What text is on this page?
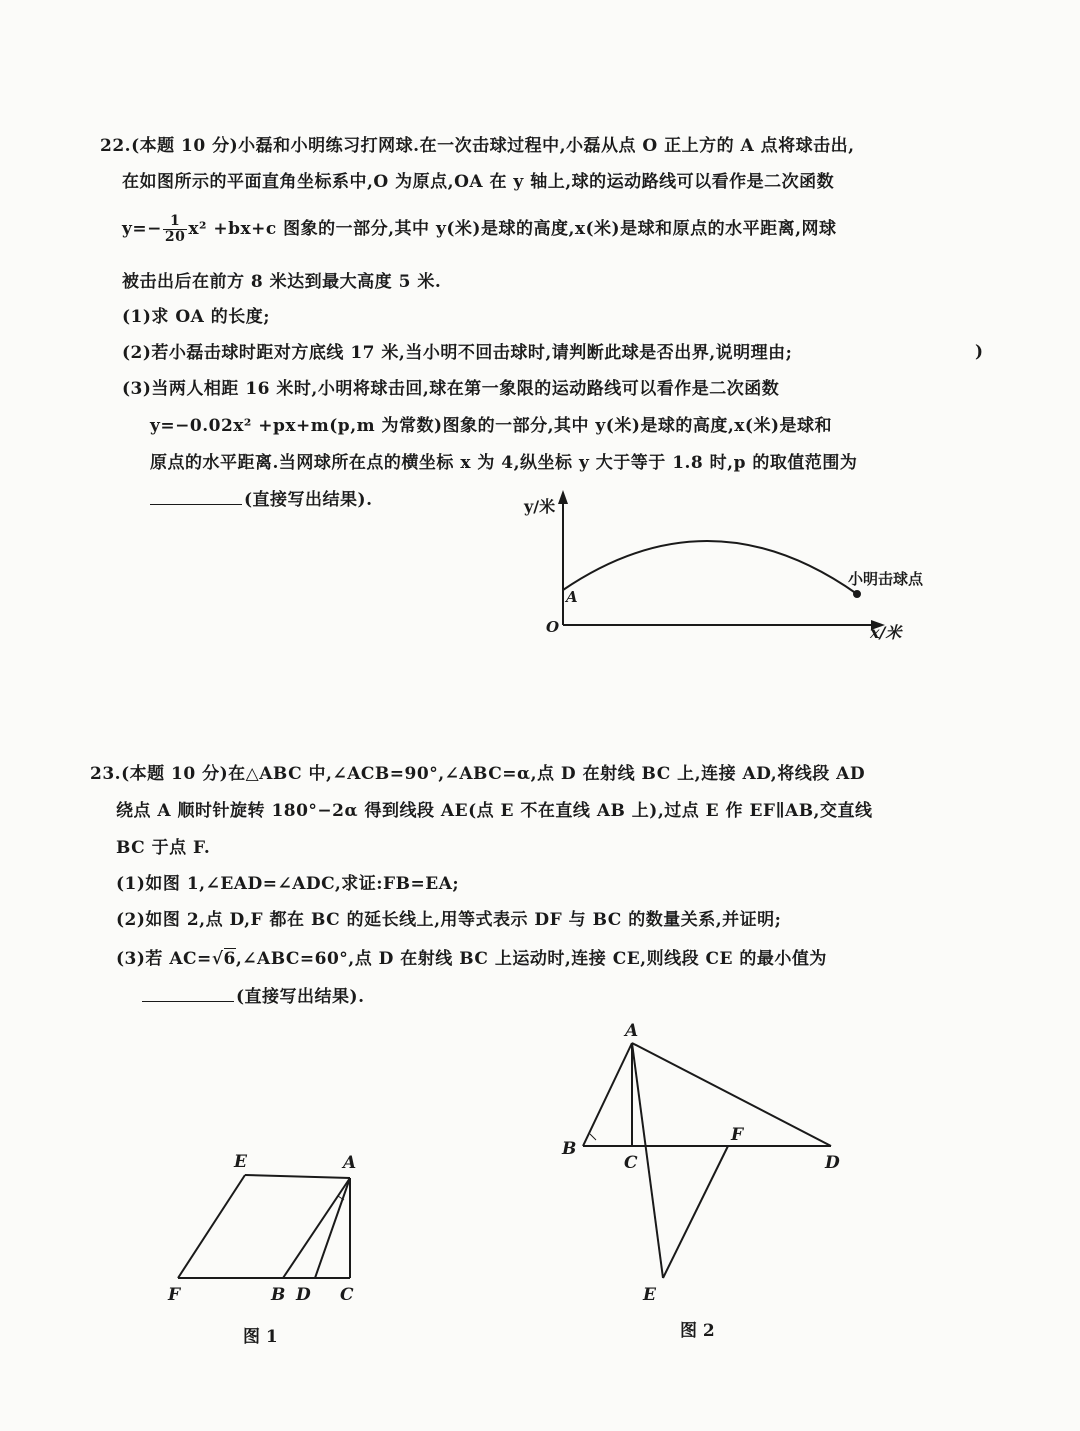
22.(本题 10 分)小磊和小明练习打网球.在一次击球过程中,小磊从点 O 正上方的 A 点将球击出,
在如图所示的平面直角坐标系中,O 为原点,OA 在 y 轴上,球的运动路线可以看作是二次函数
$y=- \frac{1}{20} x^2 +bx+c$ 图象的一部分,其中 y(米)是球的高度,x(米)是球和原点的水平距离,网球
被击出后在前方 8 米达到最大高度 5 米.
(1)求 OA 的长度;
(2)若小磊击球时距对方底线 17 米,当小明不回击球时,请判断此球是否出界,说明理由;	)
(3)当两人相距 16 米时,小明将球击回,球在第一象限的运动路线可以看作是二次函数
y=−0.02x² +px+m(p,m 为常数)图象的一部分,其中 y(米)是球的高度,x(米)是球和
原点的水平距离.当网球所在点的横坐标 x 为 4,纵坐标 y 大于等于 1.8 时,p 的取值范围为
(直接写出结果).
23.(本题 10 分)在△ABC 中,∠ACB=90°,∠ABC=α,点 D 在射线 BC 上,连接 AD,将线段 AD
绕点 A 顺时针旋转 180°−2α 得到线段 AE(点 E 不在直线 AB 上),过点 E 作 EF∥AB,交直线
BC 于点 F.
(1)如图 1,∠EAD=∠ADC,求证:FB=EA;
(2)如图 2,点 D,F 都在 BC 的延长线上,用等式表示 DF 与 BC 的数量关系,并证明;
(3)若 AC=√6,∠ABC=60°,点 D 在射线 BC 上运动时,连接 CE,则线段 CE 的最小值为
(直接写出结果).
y/米
x/米
O
A
小明击球点
E	A
F	B D C
图 1
A
B
C
F
D
E
图 2
